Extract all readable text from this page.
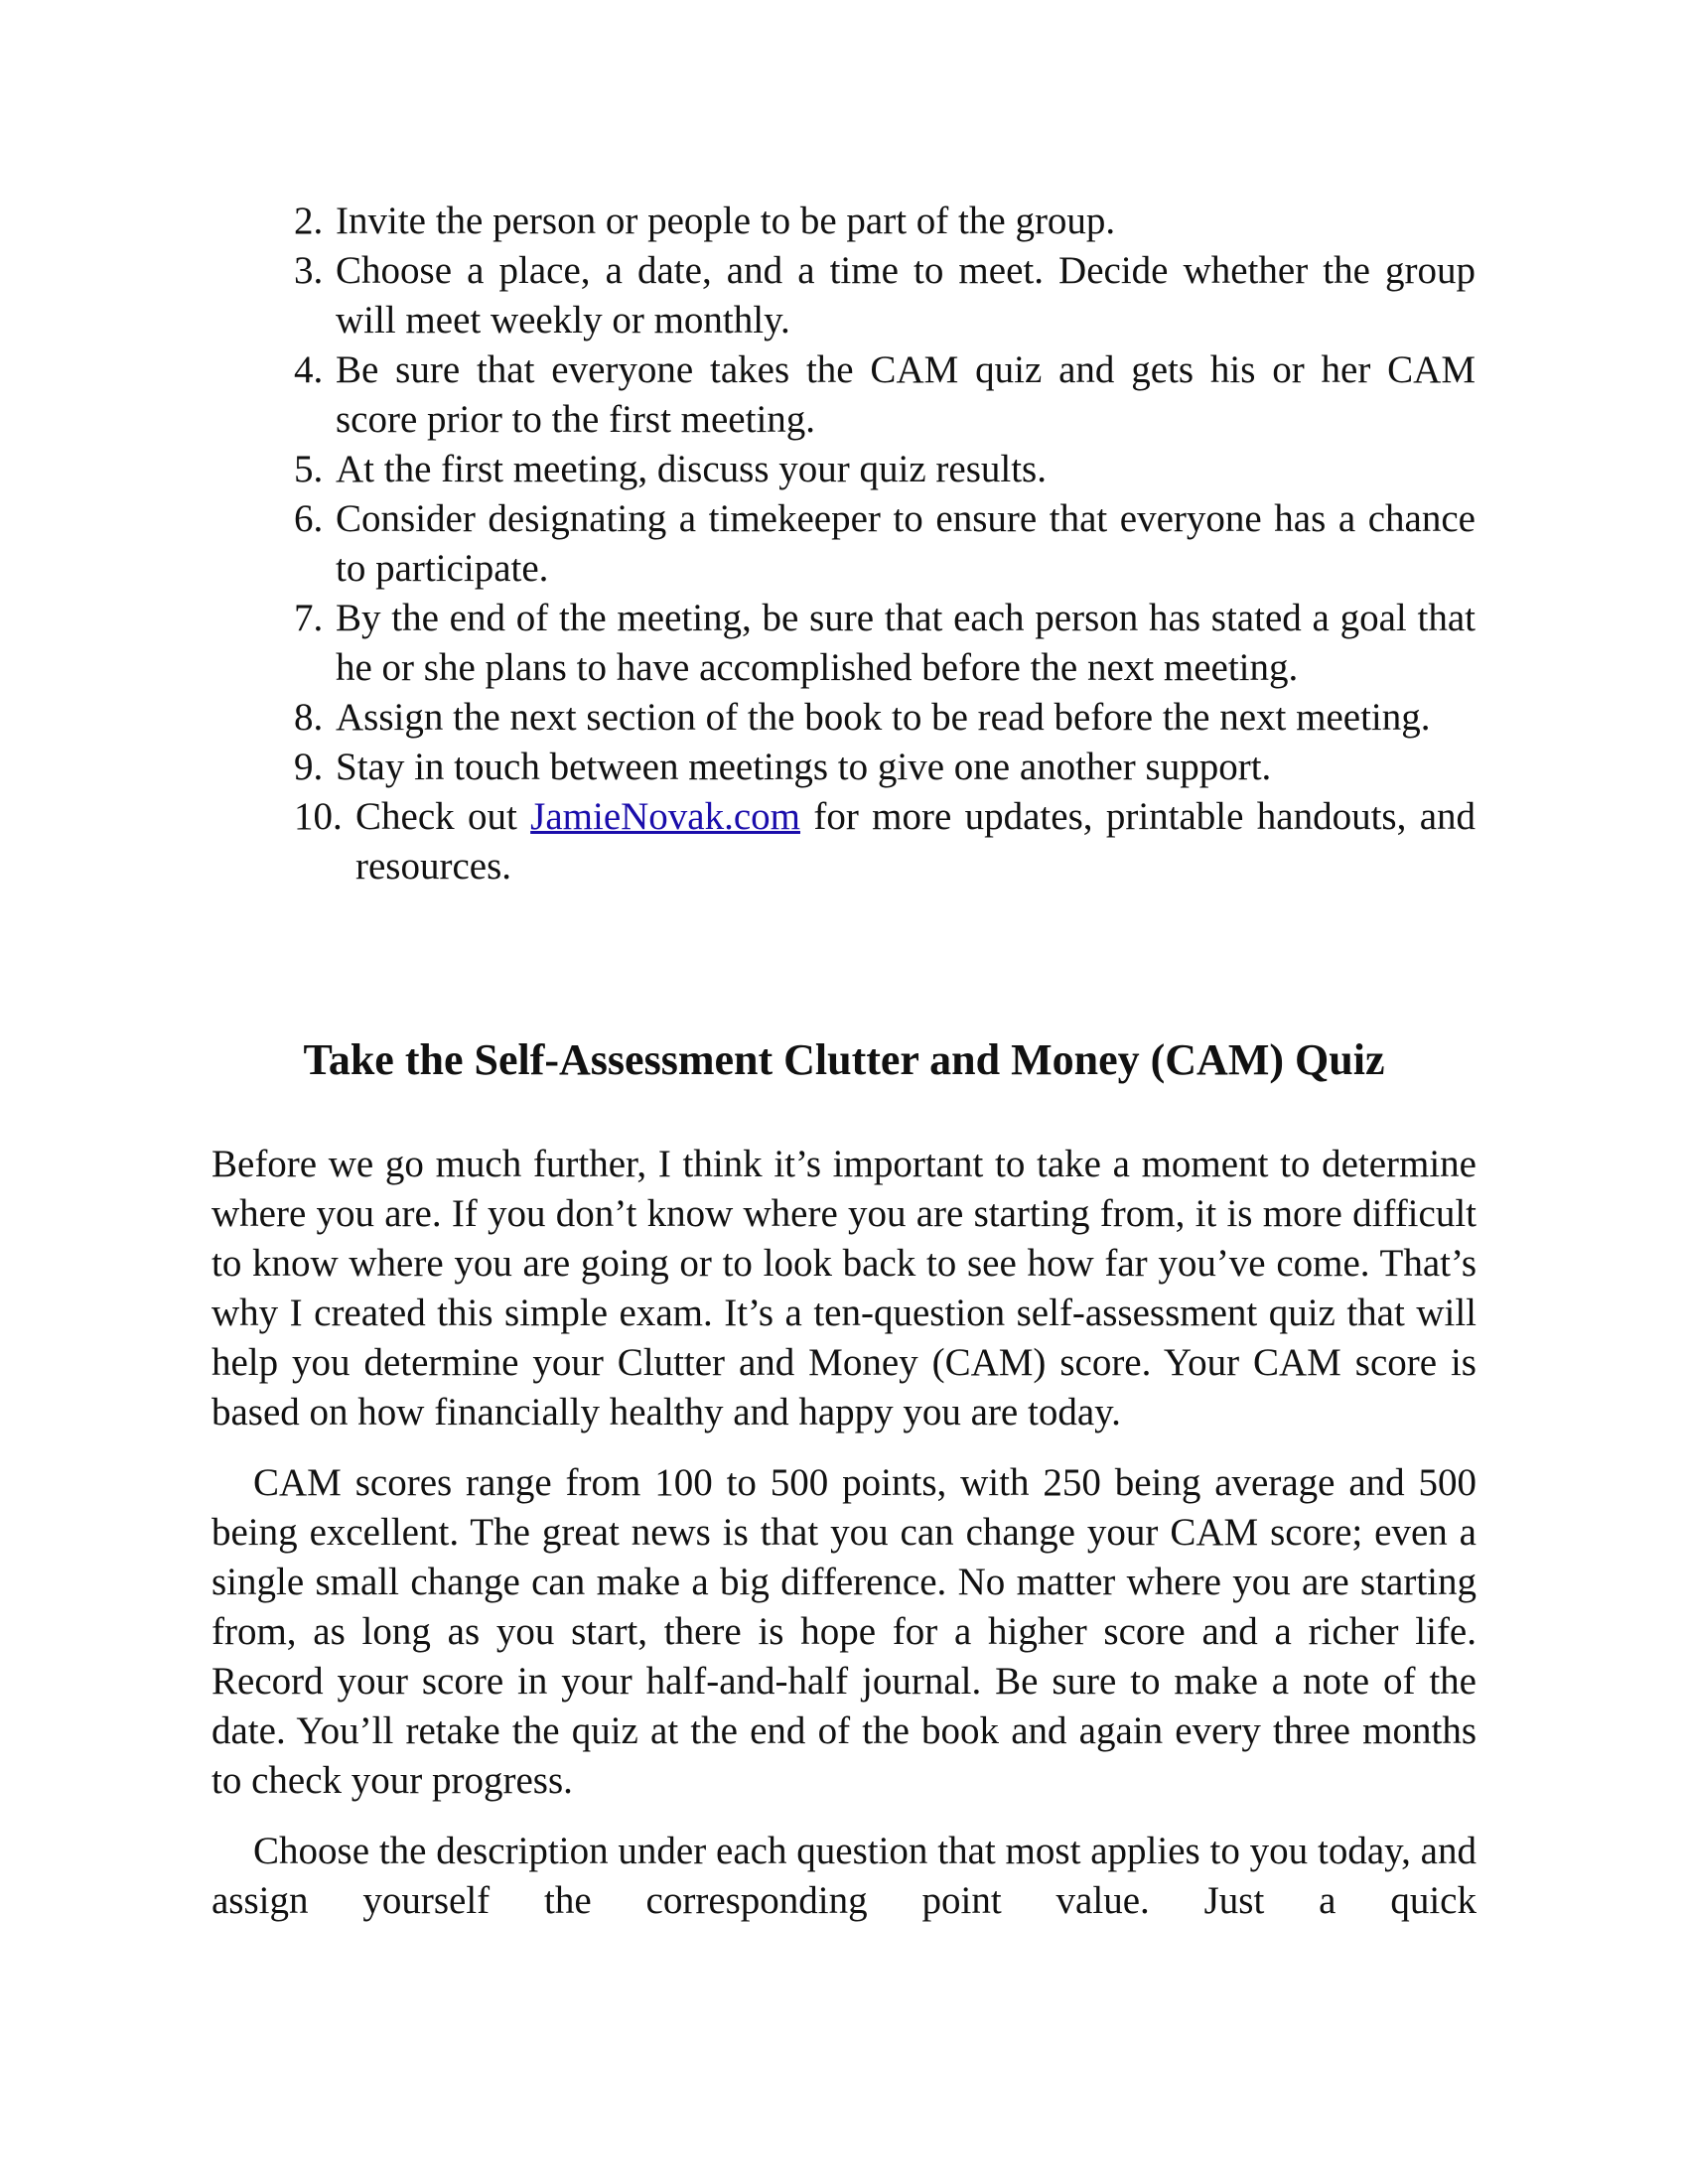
2. Invite the person or people to be part of the group.
3. Choose a place, a date, and a time to meet. Decide whether the group will meet weekly or monthly.
4. Be sure that everyone takes the CAM quiz and gets his or her CAM score prior to the first meeting.
5. At the first meeting, discuss your quiz results.
6. Consider designating a timekeeper to ensure that everyone has a chance to participate.
7. By the end of the meeting, be sure that each person has stated a goal that he or she plans to have accomplished before the next meeting.
8. Assign the next section of the book to be read before the next meeting.
9. Stay in touch between meetings to give one another support.
10. Check out JamieNovak.com for more updates, printable handouts, and resources.
Take the Self-Assessment Clutter and Money (CAM) Quiz

Before we go much further, I think it’s important to take a moment to determine where you are. If you don’t know where you are starting from, it is more difficult to know where you are going or to look back to see how far you’ve come. That’s why I created this simple exam. It’s a ten-question self-assessment quiz that will help you determine your Clutter and Money (CAM) score. Your CAM score is based on how financially healthy and happy you are today.

CAM scores range from 100 to 500 points, with 250 being average and 500 being excellent. The great news is that you can change your CAM score; even a single small change can make a big difference. No matter where you are starting from, as long as you start, there is hope for a higher score and a richer life. Record your score in your half-and-half journal. Be sure to make a note of the date. You’ll retake the quiz at the end of the book and again every three months to check your progress.

Choose the description under each question that most applies to you today, and assign yourself the corresponding point value. Just a quick
